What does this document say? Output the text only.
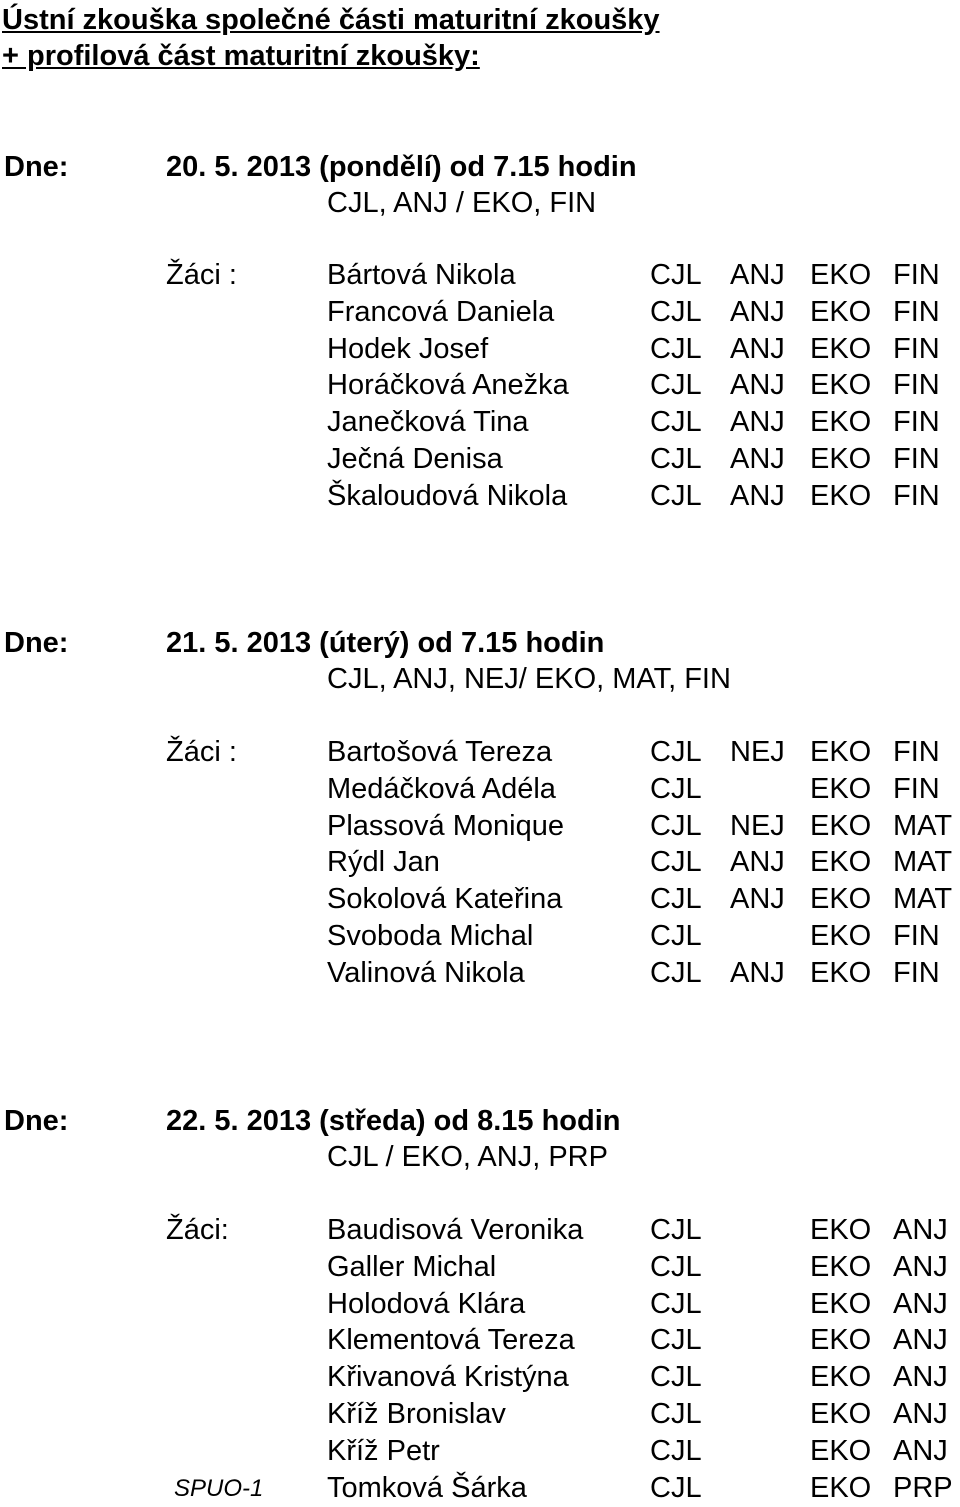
Ústní zkouška společné části maturitní zkoušky
+ profilová část maturitní zkoušky:
Dne:	20. 5. 2013 (pondělí) od 7.15 hodin
CJL, ANJ / EKO, FIN
Žáci :	Bártová Nikola	CJL ANJ EKO FIN
Francová Daniela	CJL ANJ EKO FIN
Hodek Josef	CJL ANJ EKO FIN
Horáčková Anežka	CJL ANJ EKO FIN
Janečková Tina	CJL ANJ EKO FIN
Ječná Denisa	CJL ANJ EKO FIN
Škaloudová Nikola	CJL ANJ EKO FIN
Dne:	21. 5. 2013 (úterý) od 7.15 hodin
CJL, ANJ, NEJ/ EKO, MAT, FIN
Žáci :	Bartošová Tereza	CJL NEJ EKO FIN
Medáčková Adéla	CJL	EKO FIN
Plassová Monique	CJL NEJ EKO MAT
Rýdl Jan	CJL ANJ EKO MAT
Sokolová Kateřina	CJL ANJ EKO MAT
Svoboda Michal	CJL	EKO FIN
Valinová Nikola	CJL ANJ EKO FIN
Dne:	22. 5. 2013 (středa) od 8.15 hodin
CJL / EKO, ANJ, PRP
Žáci:	Baudisová Veronika CJL	EKO ANJ
Galler Michal	CJL	EKO ANJ
Holodová Klára	CJL	EKO ANJ
Klementová Tereza	CJL	EKO ANJ
Křivanová Kristýna	CJL	EKO ANJ
Kříž Bronislav	CJL	EKO ANJ
Kříž Petr	CJL	EKO ANJ
SPUO-1 Tomková Šárka	CJL	EKO PRP
